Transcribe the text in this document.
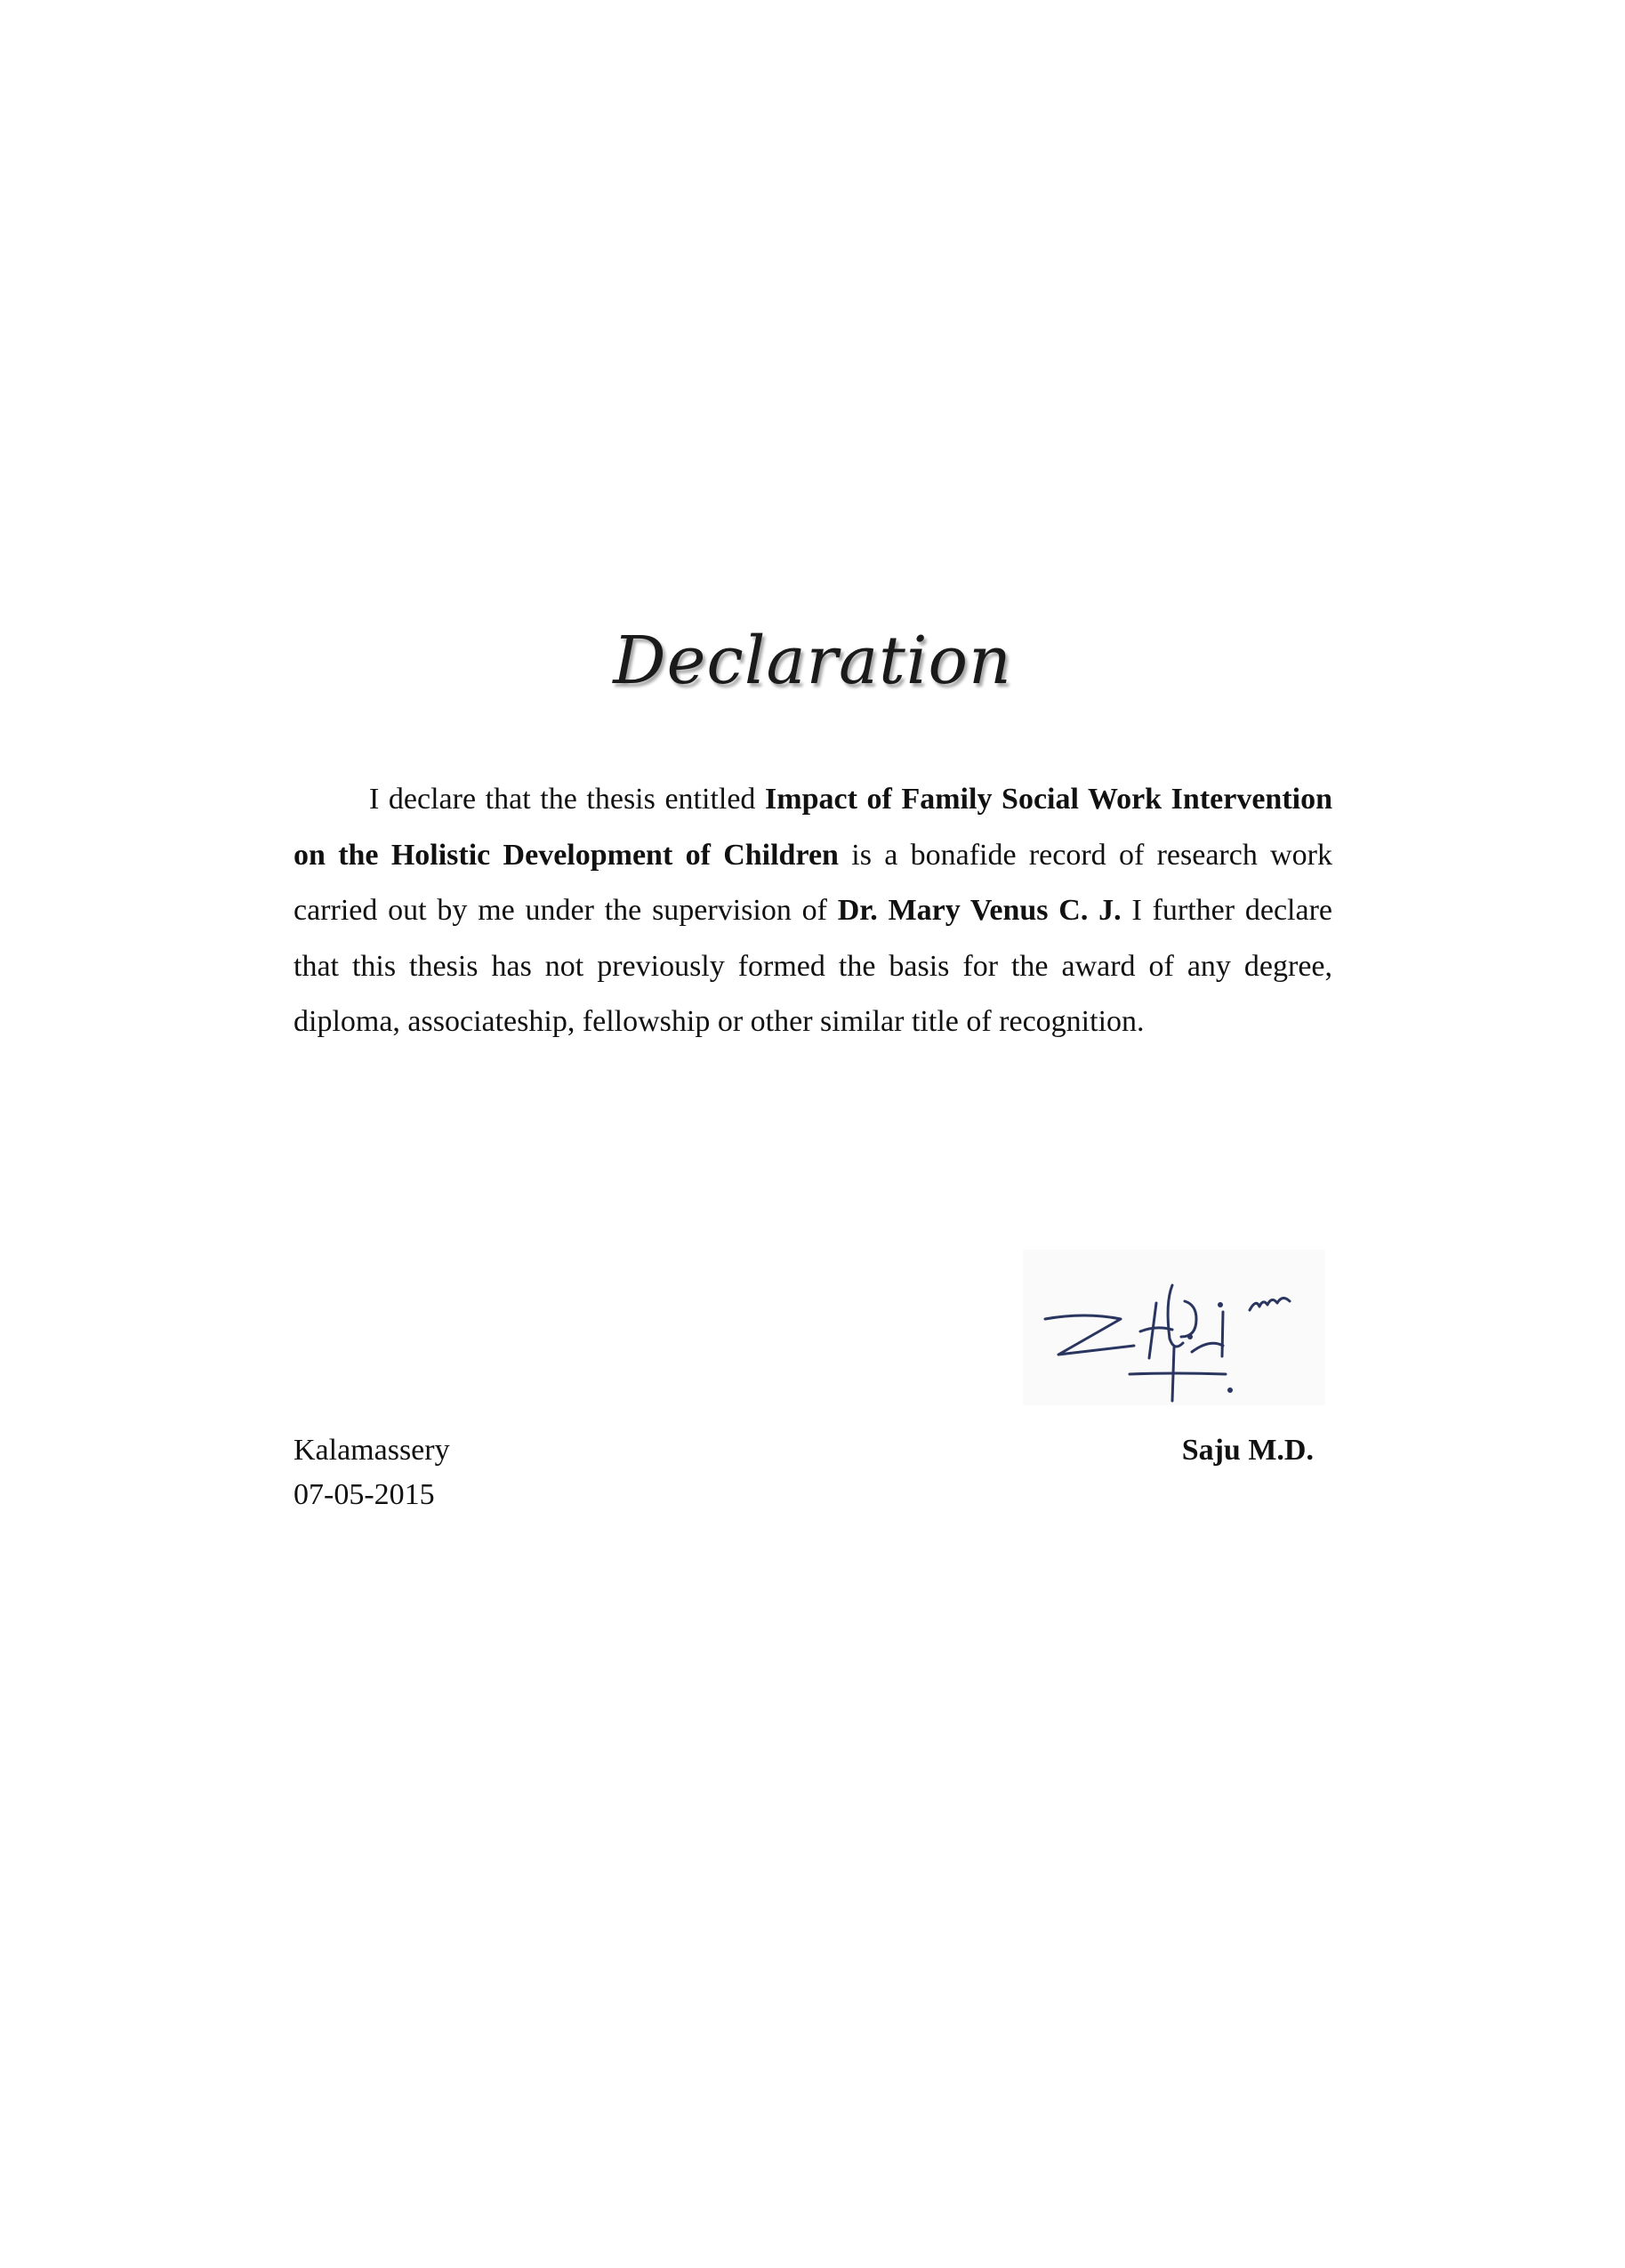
Declaration

I declare that the thesis entitled Impact of Family Social Work Intervention on the Holistic Development of Children is a bonafide record of research work carried out by me under the supervision of Dr. Mary Venus C. J. I further declare that this thesis has not previously formed the basis for the award of any degree, diploma, associateship, fellowship or other similar title of recognition.

Kalamassery
07-05-2015
Saju M.D.
